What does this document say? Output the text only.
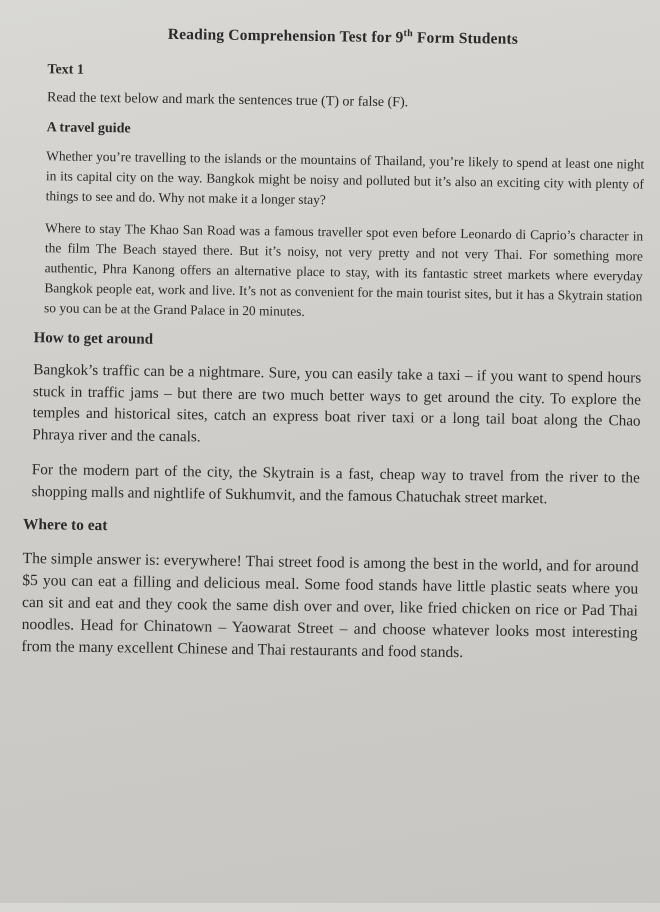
Reading Comprehension Test for 9th Form Students
Text 1
Read the text below and mark the sentences true (T) or false (F).
A travel guide

Whether you’re travelling to the islands or the mountains of Thailand, you’re likely to spend at least one night in its capital city on the way. Bangkok might be noisy and polluted but it’s also an exciting city with plenty of things to see and do. Why not make it a longer stay?

Where to stay The Khao San Road was a famous traveller spot even before Leonardo di Caprio’s character in the film The Beach stayed there. But it’s noisy, not very pretty and not very Thai. For something more authentic, Phra Kanong offers an alternative place to stay, with its fantastic street markets where everyday Bangkok people eat, work and live. It’s not as convenient for the main tourist sites, but it has a Skytrain station so you can be at the Grand Palace in 20 minutes.

How to get around

Bangkok’s traffic can be a nightmare. Sure, you can easily take a taxi – if you want to spend hours stuck in traffic jams – but there are two much better ways to get around the city. To explore the temples and historical sites, catch an express boat river taxi or a long tail boat along the Chao Phraya river and the canals.

For the modern part of the city, the Skytrain is a fast, cheap way to travel from the river to the shopping malls and nightlife of Sukhumvit, and the famous Chatuchak street market.

Where to eat

The simple answer is: everywhere! Thai street food is among the best in the world, and for around $5 you can eat a filling and delicious meal. Some food stands have little plastic seats where you can sit and eat and they cook the same dish over and over, like fried chicken on rice or Pad Thai noodles. Head for Chinatown – Yaowarat Street – and choose whatever looks most interesting from the many excellent Chinese and Thai restaurants and food stands.
